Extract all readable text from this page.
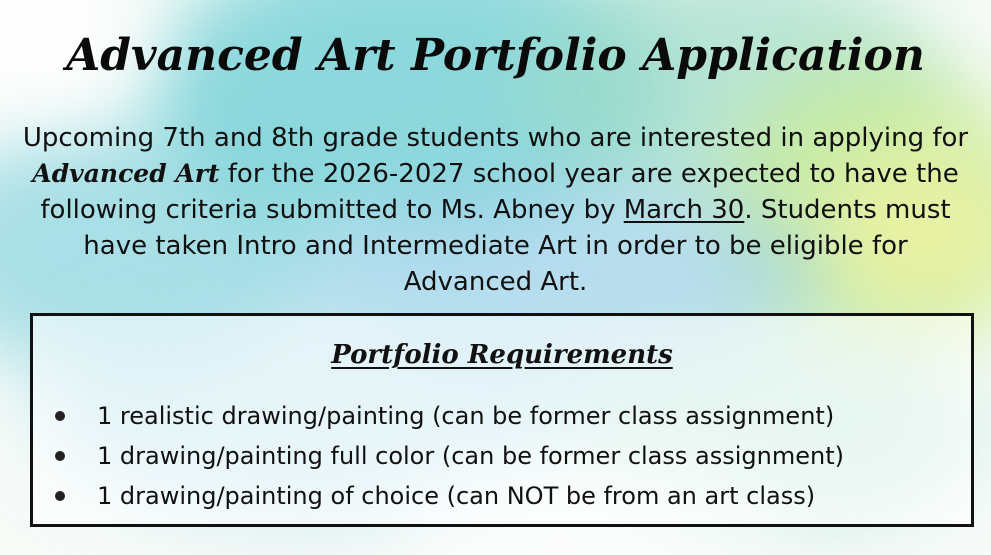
Advanced Art Portfolio Application
Upcoming 7th and 8th grade students who are interested in applying for Advanced Art for the 2026-2027 school year are expected to have the following criteria submitted to Ms. Abney by March 30. Students must have taken Intro and Intermediate Art in order to be eligible for Advanced Art.
Portfolio Requirements
1 realistic drawing/painting (can be former class assignment)
1 drawing/painting full color (can be former class assignment)
1 drawing/painting of choice (can NOT be from an art class)
